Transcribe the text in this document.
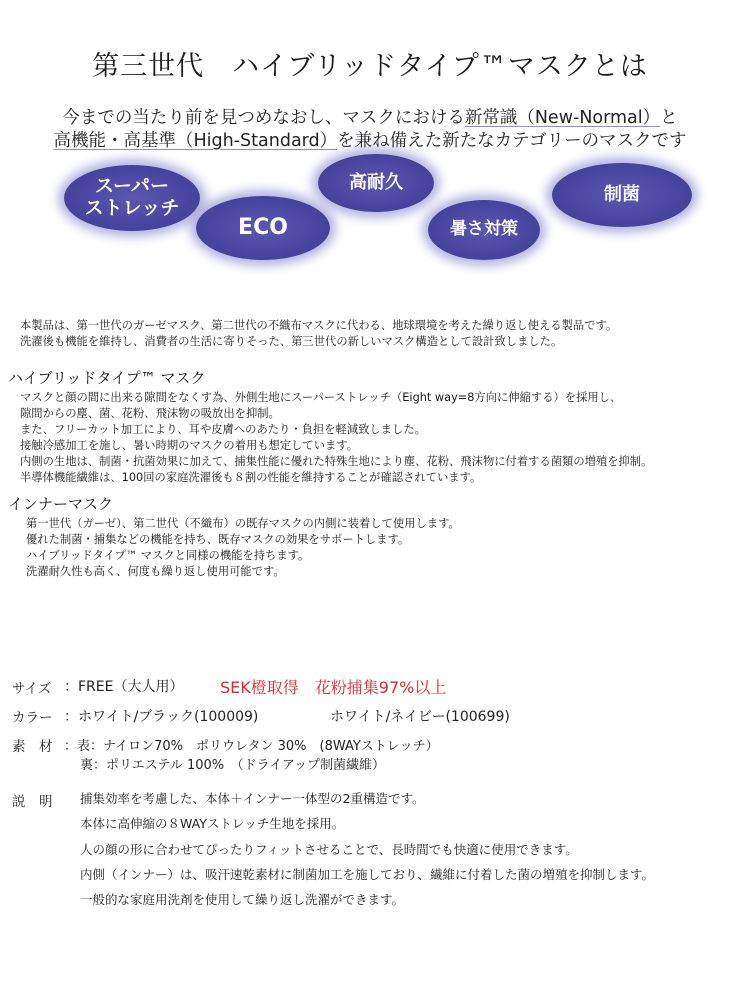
第三世代　ハイブリッドタイプ™マスクとは
今までの当たり前を見つめなおし、マスクにおける新常識（New-Normal）と
高機能・高基準（High-Standard）を兼ね備えた新たなカテゴリーのマスクです
スーパー
ストレッチ
ECO
高耐久
暑さ対策
制菌
本製品は、第一世代のガーゼマスク、第二世代の不織布マスクに代わる、地球環境を考えた繰り返し使える製品です。
洗濯後も機能を維持し、消費者の生活に寄りそった、第三世代の新しいマスク構造として設計致しました。
ハイブリッドタイプ™ マスク
マスクと顔の間に出来る隙間をなくす為、外側生地にスーパーストレッチ（Eight way=8方向に伸縮する）を採用し、
隙間からの塵、菌、花粉、飛沫物の吸放出を抑制。
また、フリーカット加工により、耳や皮膚へのあたり・負担を軽減致しました。
接触冷感加工を施し、暑い時期のマスクの着用も想定しています。
内側の生地は、制菌・抗菌効果に加えて、捕集性能に優れた特殊生地により塵、花粉、飛沫物に付着する菌類の増殖を抑制。
半導体機能繊維は、100回の家庭洗濯後も８割の性能を維持することが確認されています。
インナーマスク
第一世代（ガーゼ）、第二世代（不織布）の既存マスクの内側に装着して使用します。
優れた制菌・捕集などの機能を持ち、既存マスクの効果をサポートします。
ハイブリッドタイプ™ マスクと同様の機能を持ちます。
洗濯耐久性も高く、何度も繰り返し使用可能です。
サイズ ：FREE（大人用） SEK橙取得　花粉捕集97%以上
カラー ：ホワイト/ブラック(100009)	ホワイト/ネイビー(100699)
素　材 ：表：ナイロン70%　ポリウレタン 30%　(8WAYストレッチ）
裏：ポリエステル 100%　（ドライアップ制菌繊維）
説　明 捕集効率を考慮した、本体＋インナー一体型の2重構造です。
本体に高伸縮の８WAYストレッチ生地を採用。
人の顔の形に合わせてぴったりフィットさせることで、長時間でも快適に使用できます。
内側（インナー）は、吸汗速乾素材に制菌加工を施しており、繊維に付着した菌の増殖を抑制します。
一般的な家庭用洗剤を使用して繰り返し洗濯ができます。
